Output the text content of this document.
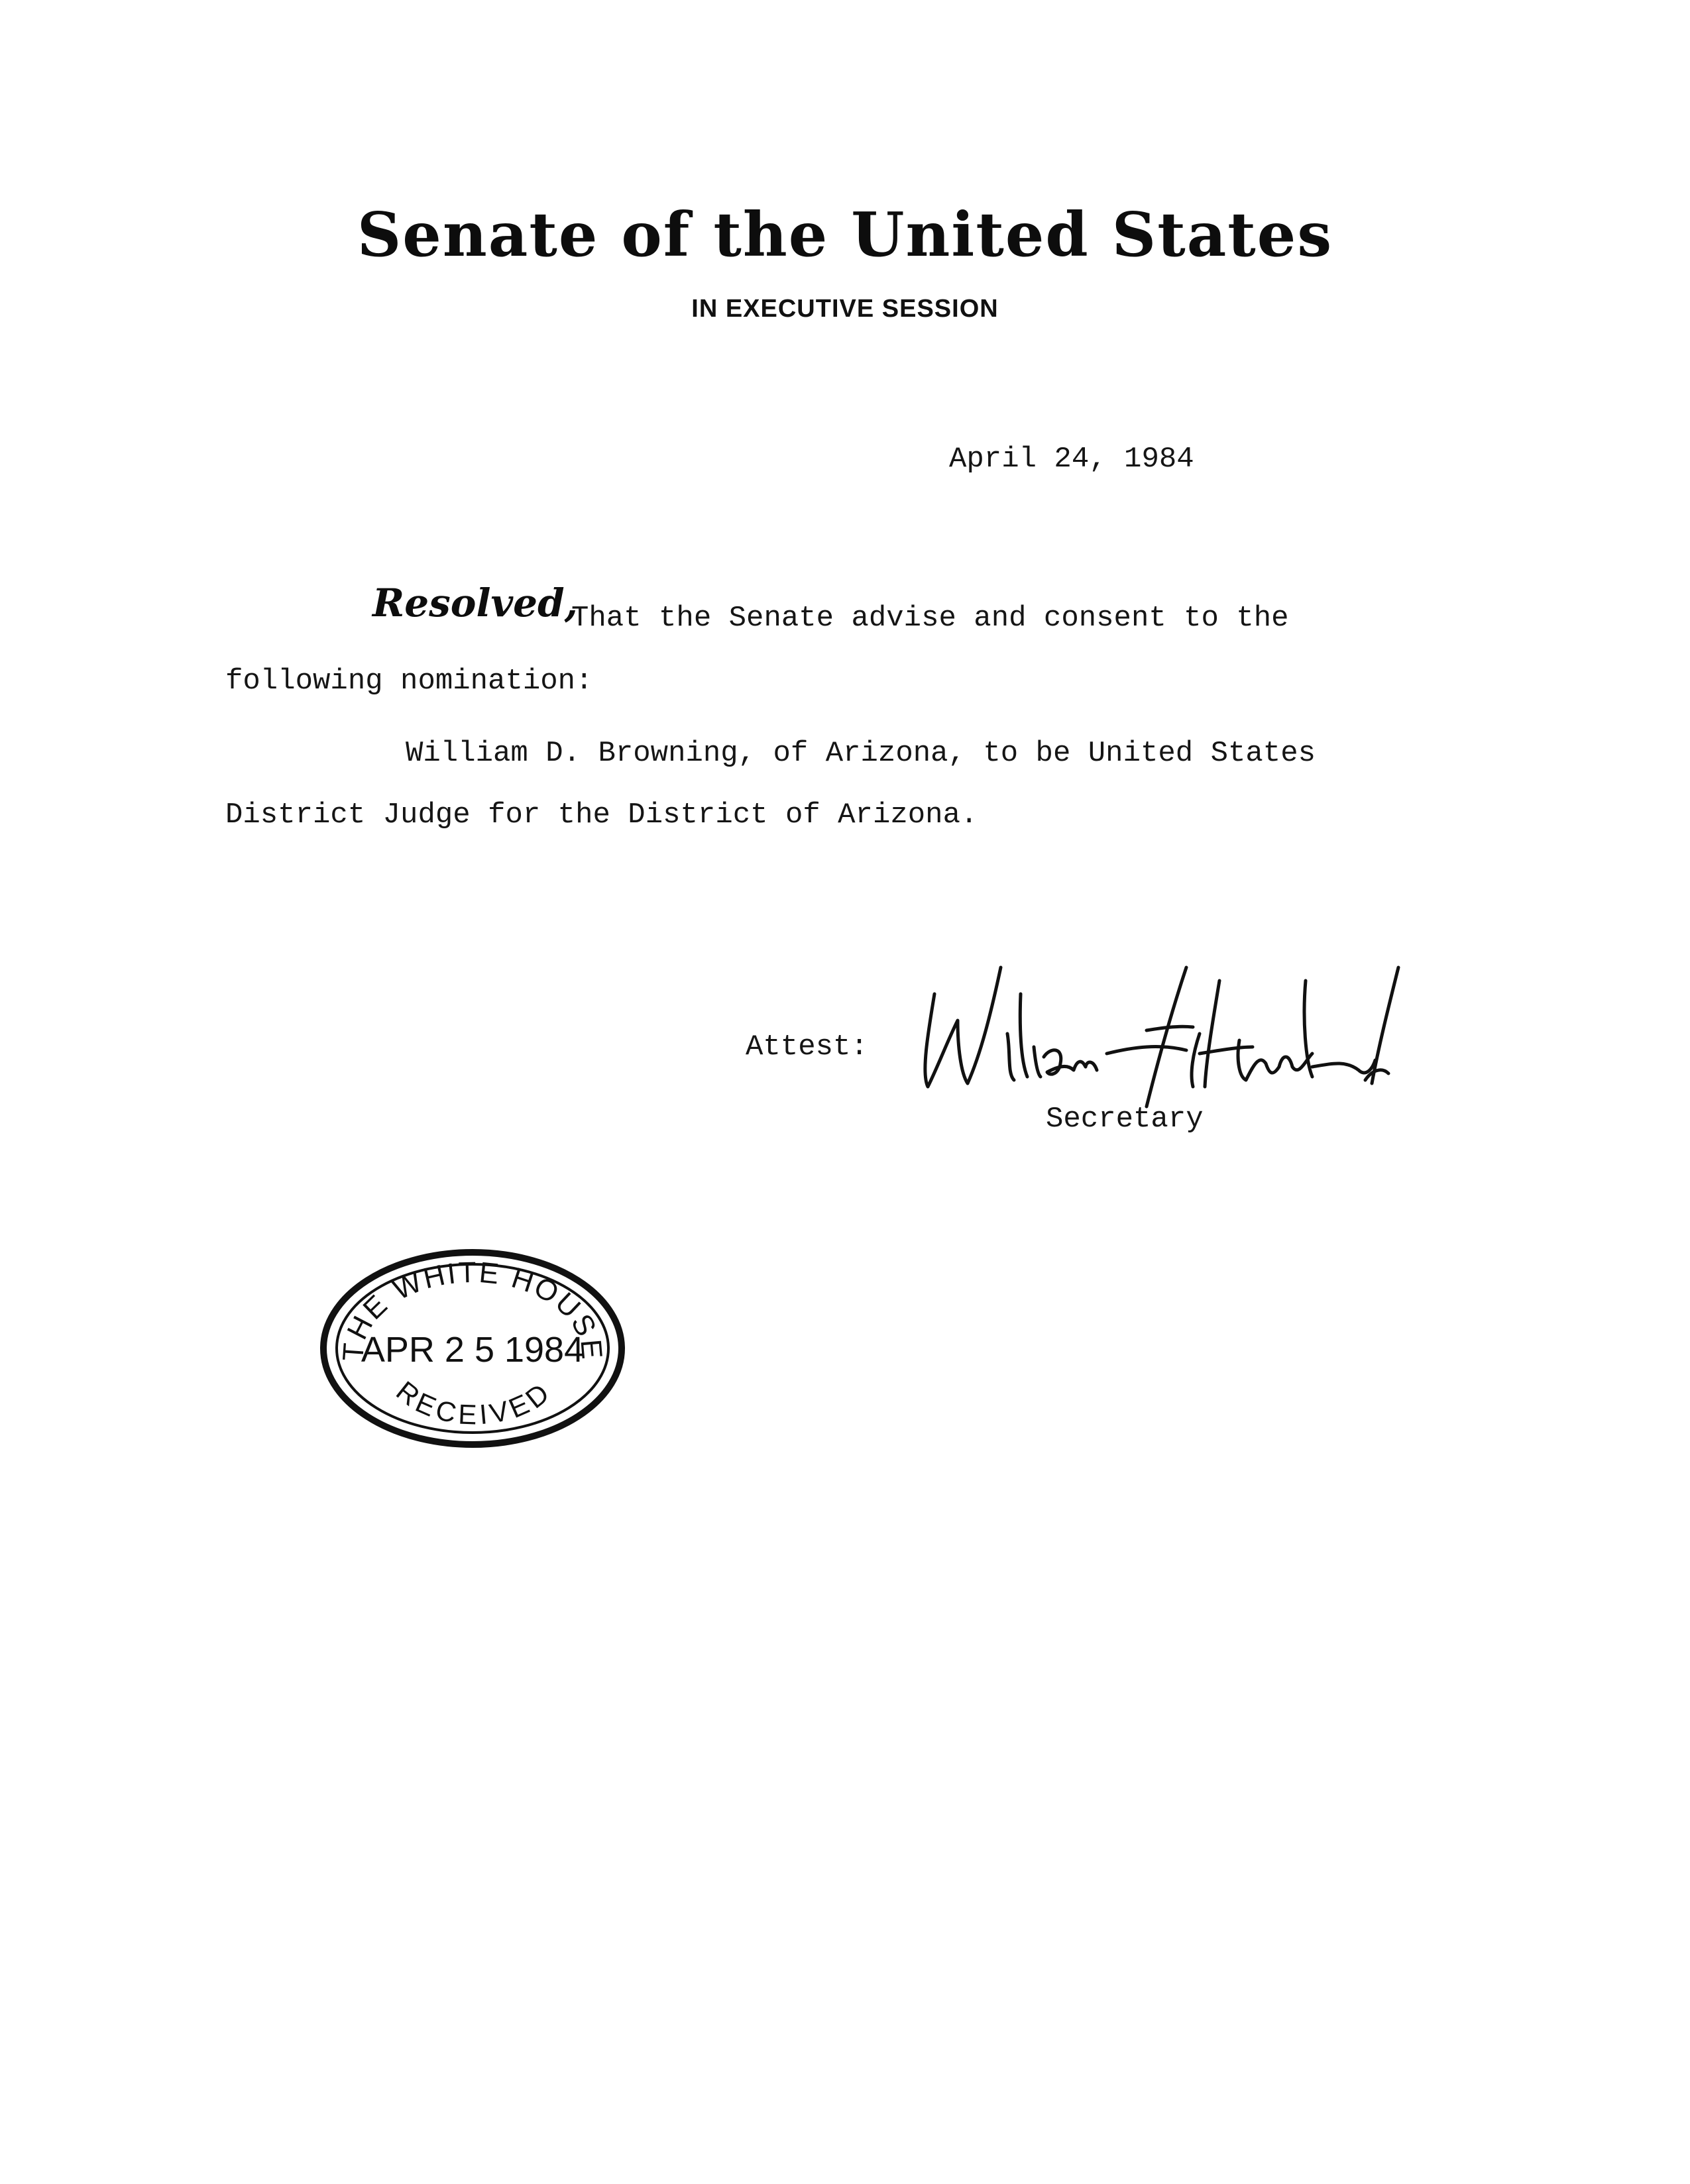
Senate of the United States
IN EXECUTIVE SESSION
April 24, 1984
Resolved,
That the Senate advise and consent to the
following nomination:
William D. Browning, of Arizona, to be United States
District Judge for the District of Arizona.
Attest:
Secretary
THE WHITE HOUSE
APR 2 5 1984
RECEIVED
